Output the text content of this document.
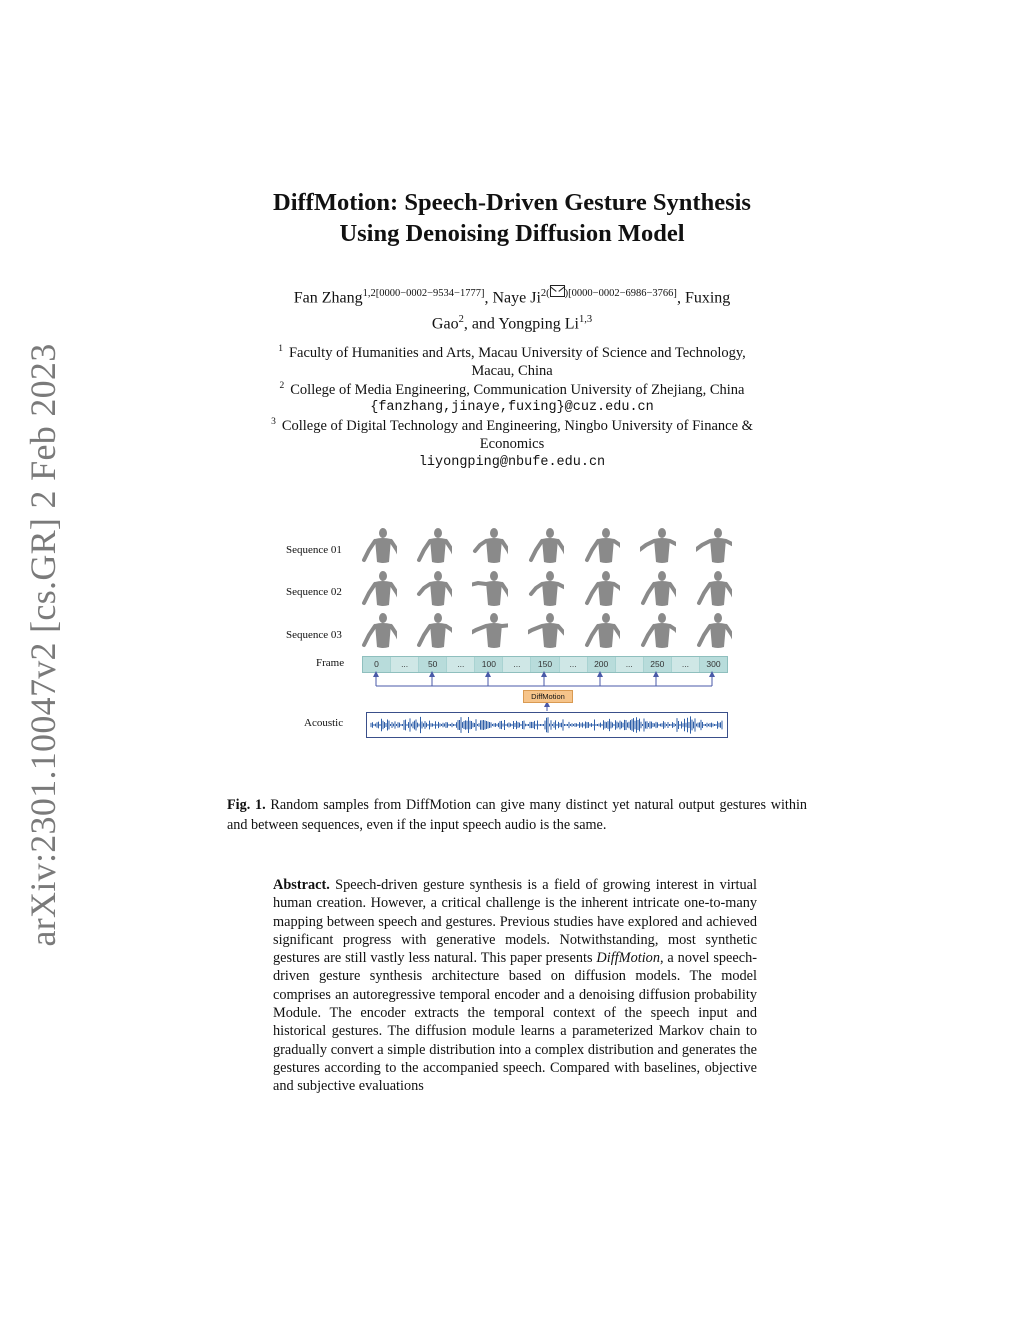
arXiv:2301.10047v2 [cs.GR] 2 Feb 2023
DiffMotion: Speech-Driven Gesture Synthesis
Using Denoising Diffusion Model
Fan Zhang$^{1,2[0000-0002-9534-1777]}$, Naye $Ji^{2( )[0000-0002-6986-3766]}$, Fuxing
Gao$^2$, and Yongping Li$^{1,3}$
$^1$ Faculty of Humanities and Arts, Macau University of Science and Technology,
Macau, China
$^2$ College of Media Engineering, Communication University of Zhejiang, China
{fanzhang,jinaye,fuxing}@cuz.edu.cn
$^3$ College of Digital Technology and Engineering, Ningbo University of Finance &
Economics
liyongping@nbufe.edu.cn
Sequence 01
Sequence 02
Sequence 03
Frame	0	...	50	...	100	...	150	...	200	...	250	...	300
DiffMotion
Acoustic
Fig. 1. Random samples from DiffMotion can give many distinct yet natural output gestures within and between sequences, even if the input speech audio is the same.
Abstract. Speech-driven gesture synthesis is a field of growing interest in virtual human creation. However, a critical challenge is the inherent intricate one-to-many mapping between speech and gestures. Previous studies have explored and achieved significant progress with generative models. Notwithstanding, most synthetic gestures are still vastly less natural. This paper presents DiffMotion, a novel speech-driven gesture synthesis architecture based on diffusion models. The model comprises an autoregressive temporal encoder and a denoising diffusion probability Module. The encoder extracts the temporal context of the speech input and historical gestures. The diffusion module learns a parameterized Markov chain to gradually convert a simple distribution into a complex distribution and generates the gestures according to the accompanied speech. Compared with baselines, objective and subjective evaluations
